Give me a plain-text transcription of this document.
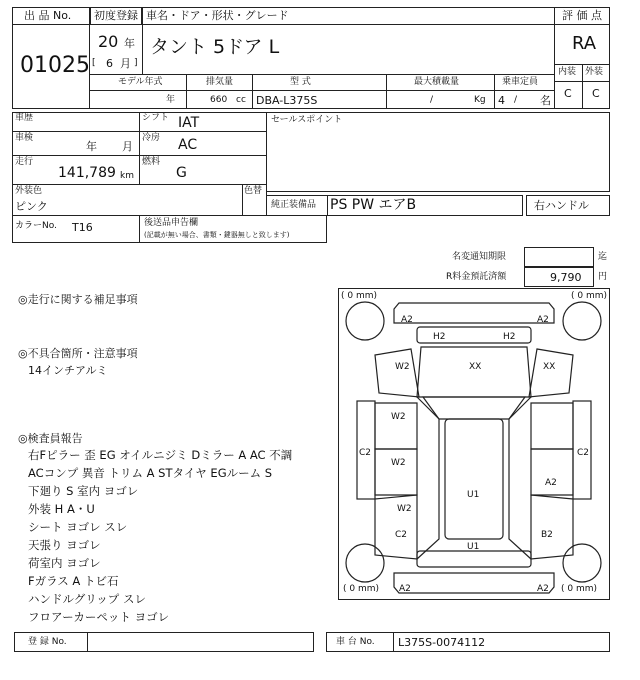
出 品 No.
01025
初度登録 車名・ドア・形状・グレード
20 年
[ 6 月 ]
タント 5ドア L
評 価 点
RA
内装 外装
C C
モデル年式	排気量	型 式	最大積載量	乗車定員
年	660 cc DBA-L375S	/	Kg 4 / 名
車歴	シフト IAT
車検
年 月
冷房 AC
走行
141,789 km
燃料
G
セールスポイント
外装色
ピンク
色替
純正装備品 PS PW エアB	右ハンドル
カラーNo. T16	後送品申告欄
(記載が無い場合、書類・鍵器無しと致します)
名変通知期限	迄
R料金預託済額	9,790 円
◎走行に関する補足事項
◎不具合箇所・注意事項
14インチアルミ
◎検査員報告
右Fピラー 歪 EG オイルニジミ Dミラー A AC 不調
ACコンプ 異音 トリム A STタイヤ EGルーム S
下廻り S 室内 ヨゴレ
外装 H A・U
シート ヨゴレ スレ
天張り ヨゴレ
荷室内 ヨゴレ
Fガラス A トビ石
ハンドルグリップ スレ
フロアーカーペット ヨゴレ
( 0 mm)	( 0 mm)
( 0 mm)	( 0 mm)
A2	A2
H2	H2
W2	XX	XX
W2
W2
C2	C2
U1
A2
W2
C2	B2
U1
A2	A2
登 録 No.	車 台 No. L375S-0074112
